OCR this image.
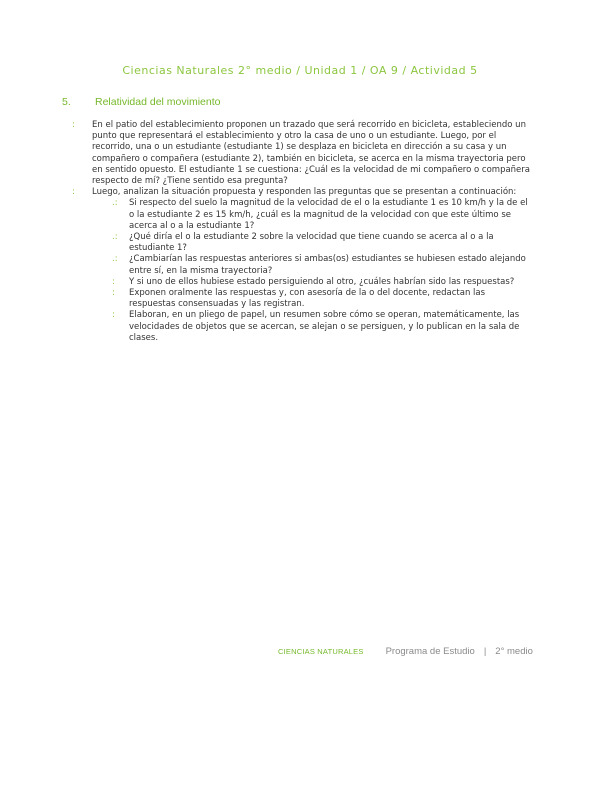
Ciencias Naturales 2° medio / Unidad 1 / OA 9 / Actividad 5
5. Relatividad del movimiento
:	En el patio del establecimiento proponen un trazado que será recorrido en bicicleta, estableciendo un punto que representará el establecimiento y otro la casa de uno o un estudiante. Luego, por el recorrido, una o un estudiante (estudiante 1) se desplaza en bicicleta en dirección a su casa y un compañero o compañera (estudiante 2), también en bicicleta, se acerca en la misma trayectoria pero en sentido opuesto. El estudiante 1 se cuestiona: ¿Cuál es la velocidad de mi compañero o compañera respecto de mí? ¿Tiene sentido esa pregunta?
:	Luego, analizan la situación propuesta y responden las preguntas que se presentan a continuación:
.:	Si respecto del suelo la magnitud de la velocidad de el o la estudiante 1 es 10 km/h y la de el o la estudiante 2 es 15 km/h, ¿cuál es la magnitud de la velocidad con que este último se acerca al o a la estudiante 1?
.:	¿Qué diría el o la estudiante 2 sobre la velocidad que tiene cuando se acerca al o a la estudiante 1?
.:	¿Cambiarían las respuestas anteriores si ambas(os) estudiantes se hubiesen estado alejando entre sí, en la misma trayectoria?
:	Y si uno de ellos hubiese estado persiguiendo al otro, ¿cuáles habrían sido las respuestas?
:	Exponen oralmente las respuestas y, con asesoría de la o del docente, redactan las respuestas consensuadas y las registran.
:	Elaboran, en un pliego de papel, un resumen sobre cómo se operan, matemáticamente, las velocidades de objetos que se acercan, se alejan o se persiguen, y lo publican en la sala de clases.
CIENCIAS NATURALES Programa de Estudio | 2° medio
